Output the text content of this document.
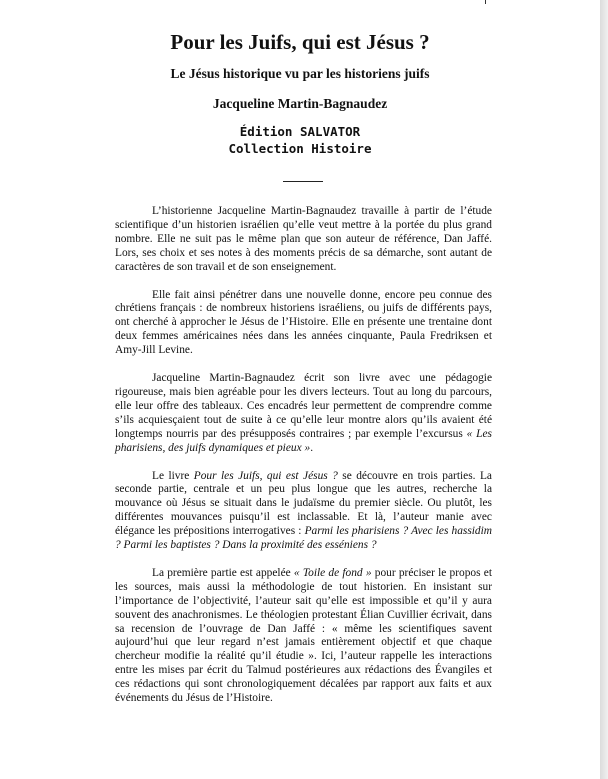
Pour les Juifs, qui est Jésus ?
Le Jésus historique vu par les historiens juifs
Jacqueline Martin-Bagnaudez
Édition SALVATOR
Collection Histoire

L’historienne Jacqueline Martin-Bagnaudez travaille à partir de l’étude scientifique d’un historien israélien qu’elle veut mettre à la portée du plus grand nombre. Elle ne suit pas le même plan que son auteur de référence, Dan Jaffé. Lors, ses choix et ses notes à des moments précis de sa démarche, sont autant de caractères de son travail et de son enseignement.

Elle fait ainsi pénétrer dans une nouvelle donne, encore peu connue des chrétiens français : de nombreux historiens israéliens, ou juifs de différents pays, ont cherché à approcher le Jésus de l’Histoire. Elle en présente une trentaine dont deux femmes américaines nées dans les années cinquante, Paula Fredriksen et Amy-Jill Levine.

Jacqueline Martin-Bagnaudez écrit son livre avec une pédagogie rigoureuse, mais bien agréable pour les divers lecteurs. Tout au long du parcours, elle leur offre des tableaux. Ces encadrés leur permettent de comprendre comme s’ils acquiesçaient tout de suite à ce qu’elle leur montre alors qu’ils avaient été longtemps nourris par des présupposés contraires ; par exemple l’excursus « Les pharisiens, des juifs dynamiques et pieux ».

Le livre Pour les Juifs, qui est Jésus ? se découvre en trois parties. La seconde partie, centrale et un peu plus longue que les autres, recherche la mouvance où Jésus se situait dans le judaïsme du premier siècle. Ou plutôt, les différentes mouvances puisqu’il est inclassable. Et là, l’auteur manie avec élégance les prépositions interrogatives : Parmi les pharisiens ? Avec les hassidim ? Parmi les baptistes ? Dans la proximité des esséniens ?

La première partie est appelée « Toile de fond » pour préciser le propos et les sources, mais aussi la méthodologie de tout historien. En insistant sur l’importance de l’objectivité, l’auteur sait qu’elle est impossible et qu’il y aura souvent des anachronismes. Le théologien protestant Élian Cuvillier écrivait, dans sa recension de l’ouvrage de Dan Jaffé : « même les scientifiques savent aujourd’hui que leur regard n’est jamais entièrement objectif et que chaque chercheur modifie la réalité qu’il étudie ». Ici, l’auteur rappelle les interactions entre les mises par écrit du Talmud postérieures aux rédactions des Évangiles et ces rédactions qui sont chronologiquement décalées par rapport aux faits et aux événements du Jésus de l’Histoire.
